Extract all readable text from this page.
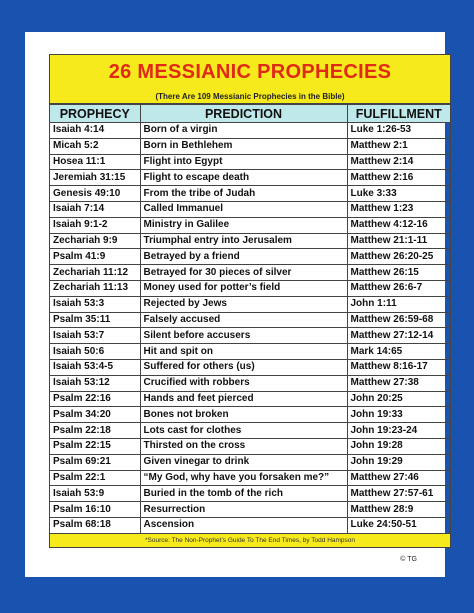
26 MESSIANIC PROPHECIES
(There Are 109 Messianic Prophecies in the Bible)
PROPHECY	PREDICTION	FULFILLMENT
Isaiah 4:14	Born of a virgin	Luke 1:26-53
Micah 5:2	Born in Bethlehem	Matthew 2:1
Hosea 11:1	Flight into Egypt	Matthew 2:14
Jeremiah 31:15	Flight to escape death	Matthew 2:16
Genesis 49:10	From the tribe of Judah	Luke 3:33
Isaiah 7:14	Called Immanuel	Matthew 1:23
Isaiah 9:1-2	Ministry in Galilee	Matthew 4:12-16
Zechariah 9:9	Triumphal entry into Jerusalem	Matthew 21:1-11
Psalm 41:9	Betrayed by a friend	Matthew 26:20-25
Zechariah 11:12	Betrayed for 30 pieces of silver	Matthew 26:15
Zechariah 11:13	Money used for potter’s field	Matthew 26:6-7
Isaiah 53:3	Rejected by Jews	John 1:11
Psalm 35:11	Falsely accused	Matthew 26:59-68
Isaiah 53:7	Silent before accusers	Matthew 27:12-14
Isaiah 50:6	Hit and spit on	Mark 14:65
Isaiah 53:4-5	Suffered for others (us)	Matthew 8:16-17
Isaiah 53:12	Crucified with robbers	Matthew 27:38
Psalm 22:16	Hands and feet pierced	John 20:25
Psalm 34:20	Bones not broken	John 19:33
Psalm 22:18	Lots cast for clothes	John 19:23-24
Psalm 22:15	Thirsted on the cross	John 19:28
Psalm 69:21	Given vinegar to drink	John 19:29
Psalm 22:1	“My God, why have you forsaken me?”	Matthew 27:46
Isaiah 53:9	Buried in the tomb of the rich	Matthew 27:57-61
Psalm 16:10	Resurrection	Matthew 28:9
Psalm 68:18	Ascension	Luke 24:50-51
*Source: The Non-Prophet’s Guide To The End Times, by Todd Hampson
© TG
